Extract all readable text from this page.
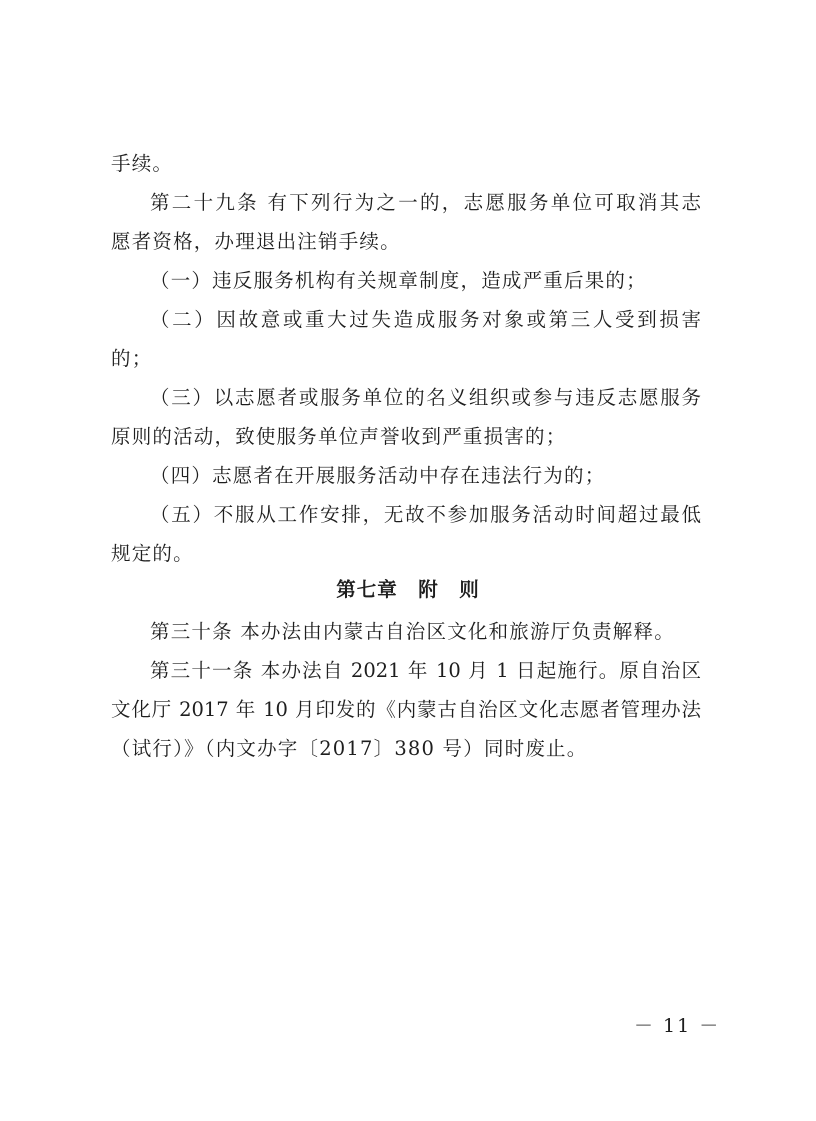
手续。
第二十九条 有下列行为之一的，志愿服务单位可取消其志
愿者资格，办理退出注销手续。
（一）违反服务机构有关规章制度，造成严重后果的；
（二）因故意或重大过失造成服务对象或第三人受到损害
的；
（三）以志愿者或服务单位的名义组织或参与违反志愿服务
原则的活动，致使服务单位声誉收到严重损害的；
（四）志愿者在开展服务活动中存在违法行为的；
（五）不服从工作安排，无故不参加服务活动时间超过最低
规定的。
第七章　附　则
第三十条 本办法由内蒙古自治区文化和旅游厅负责解释。
第三十一条 本办法自 2021 年 10 月 1 日起施行。原自治区
文化厅 2017 年 10 月印发的《内蒙古自治区文化志愿者管理办法
（试行）》（内文办字〔2017〕380 号）同时废止。
－ 11 －
